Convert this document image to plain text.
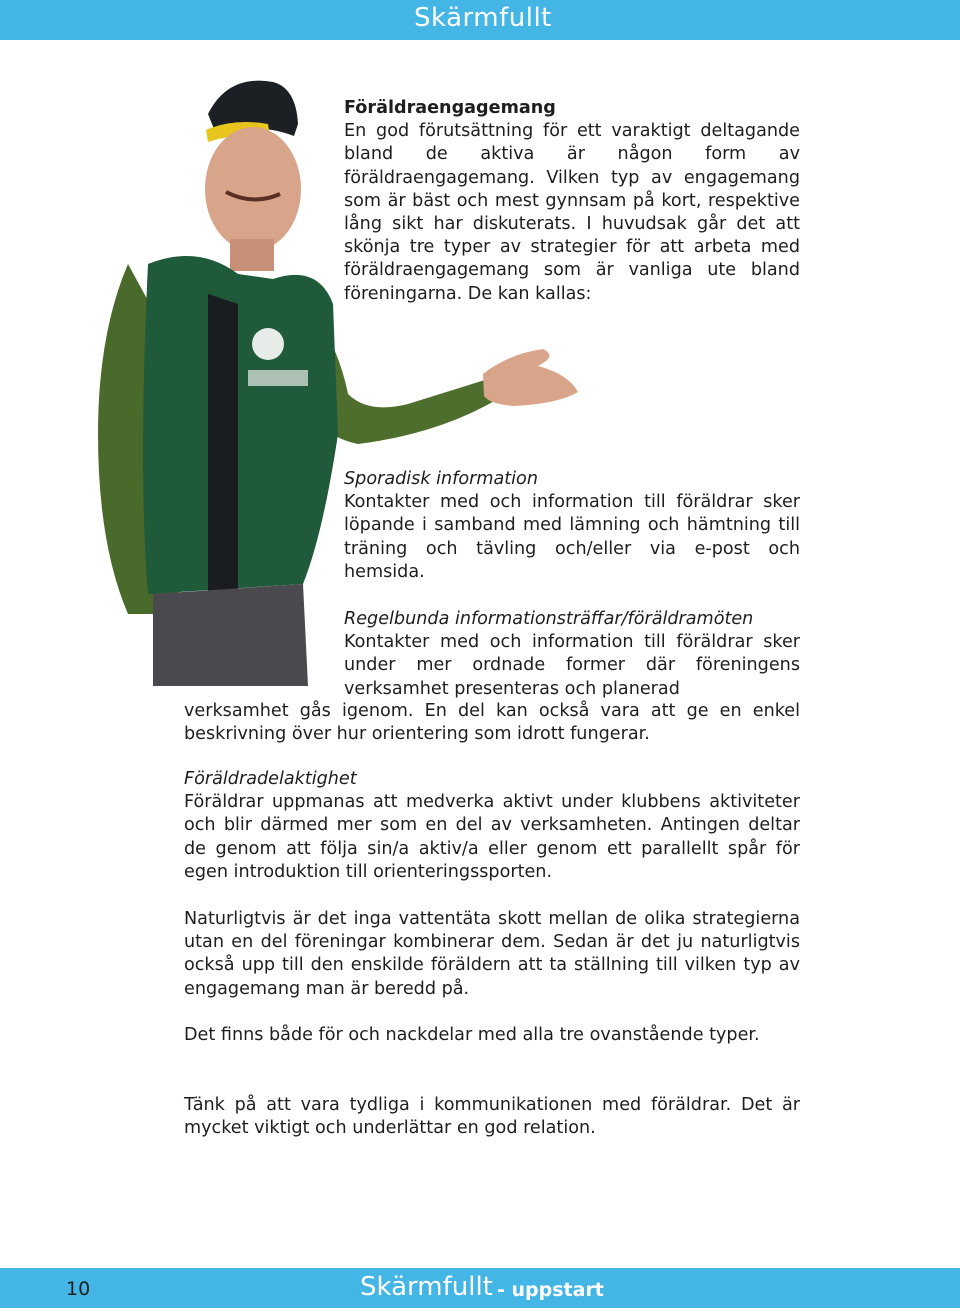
Skärmfullt

Föräldraengagemang

En god förutsättning för ett varaktigt deltagande bland de aktiva är någon form av föräldraengagemang. Vilken typ av engagemang som är bäst och mest gynnsam på kort, respektive lång sikt har diskuterats. I huvudsak går det att skönja tre typer av strategier för att arbeta med föräldraengagemang som är vanliga ute bland föreningarna. De kan kallas:

Sporadisk information

Kontakter med och information till föräldrar sker löpande i samband med lämning och hämtning till träning och tävling och/eller via e-post och hemsida.

Regelbunda informationsträffar/föräldramöten

Kontakter med och information till föräldrar sker under mer ordnade former där föreningens verksamhet presenteras och planerad

verksamhet gås igenom. En del kan också vara att ge en enkel beskrivning över hur orientering som idrott fungerar.

Föräldradelaktighet

Föräldrar uppmanas att medverka aktivt under klubbens aktiviteter och blir därmed mer som en del av verksamheten. Antingen deltar de genom att följa sin/a aktiv/a eller genom ett parallellt spår för egen introduktion till orienteringssporten.

Naturligtvis är det inga vattentäta skott mellan de olika strategierna utan en del föreningar kombinerar dem. Sedan är det ju naturligtvis också upp till den enskilde föräldern att ta ställning till vilken typ av engagemang man är beredd på.

Det finns både för och nackdelar med alla tre ovanstående typer.

Tänk på att vara tydliga i kommunikationen med föräldrar. Det är mycket viktigt och underlättar en god relation.

10	Skärmfullt - uppstart
